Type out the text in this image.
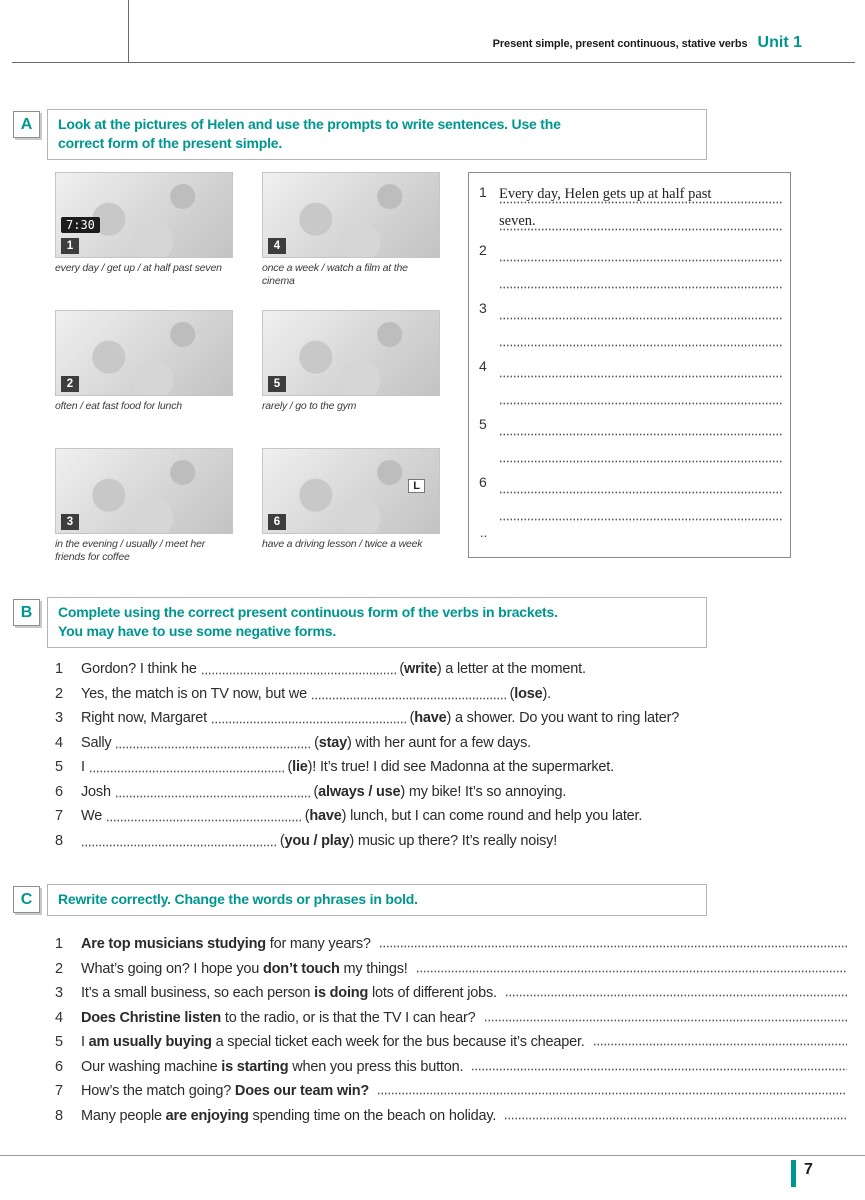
Present simple, present continuous, stative verbs Unit 1
A Look at the pictures of Helen and use the prompts to write sentences. Use the
correct form of the present simple.
7:30
1
every day / get up / at half past seven
4
once a week / watch a film at the cinema
2
often / eat fast food for lunch
5
rarely / go to the gym
3
in the evening / usually / meet her friends for coffee
L
6
have a driving lesson / twice a week
1 Every day, Helen gets up at half past
seven.
2
3
4
5
6
..
B Complete using the correct present continuous form of the verbs in brackets.
You may have to use some negative forms.
1	Gordon? I think he	(write) a letter at the moment.
2	Yes, the match is on TV now, but we	(lose).
3	Right now, Margaret	(have) a shower. Do you want to ring later?
4	Sally	(stay) with her aunt for a few days.
5	I	(lie)! It’s true! I did see Madonna at the supermarket.
6	Josh	(always / use) my bike! It’s so annoying.
7	We	(have) lunch, but I can come round and help you later.
8	(you / play) music up there? It’s really noisy!
C Rewrite correctly. Change the words or phrases in bold.
1	Are top musicians studying for many years?
2	What’s going on? I hope you don’t touch my things!
3	It’s a small business, so each person is doing lots of different jobs.
4	Does Christine listen to the radio, or is that the TV I can hear?
5	I am usually buying a special ticket each week for the bus because it’s cheaper.
6	Our washing machine is starting when you press this button.
7	How’s the match going? Does our team win?
8	Many people are enjoying spending time on the beach on holiday.
7
